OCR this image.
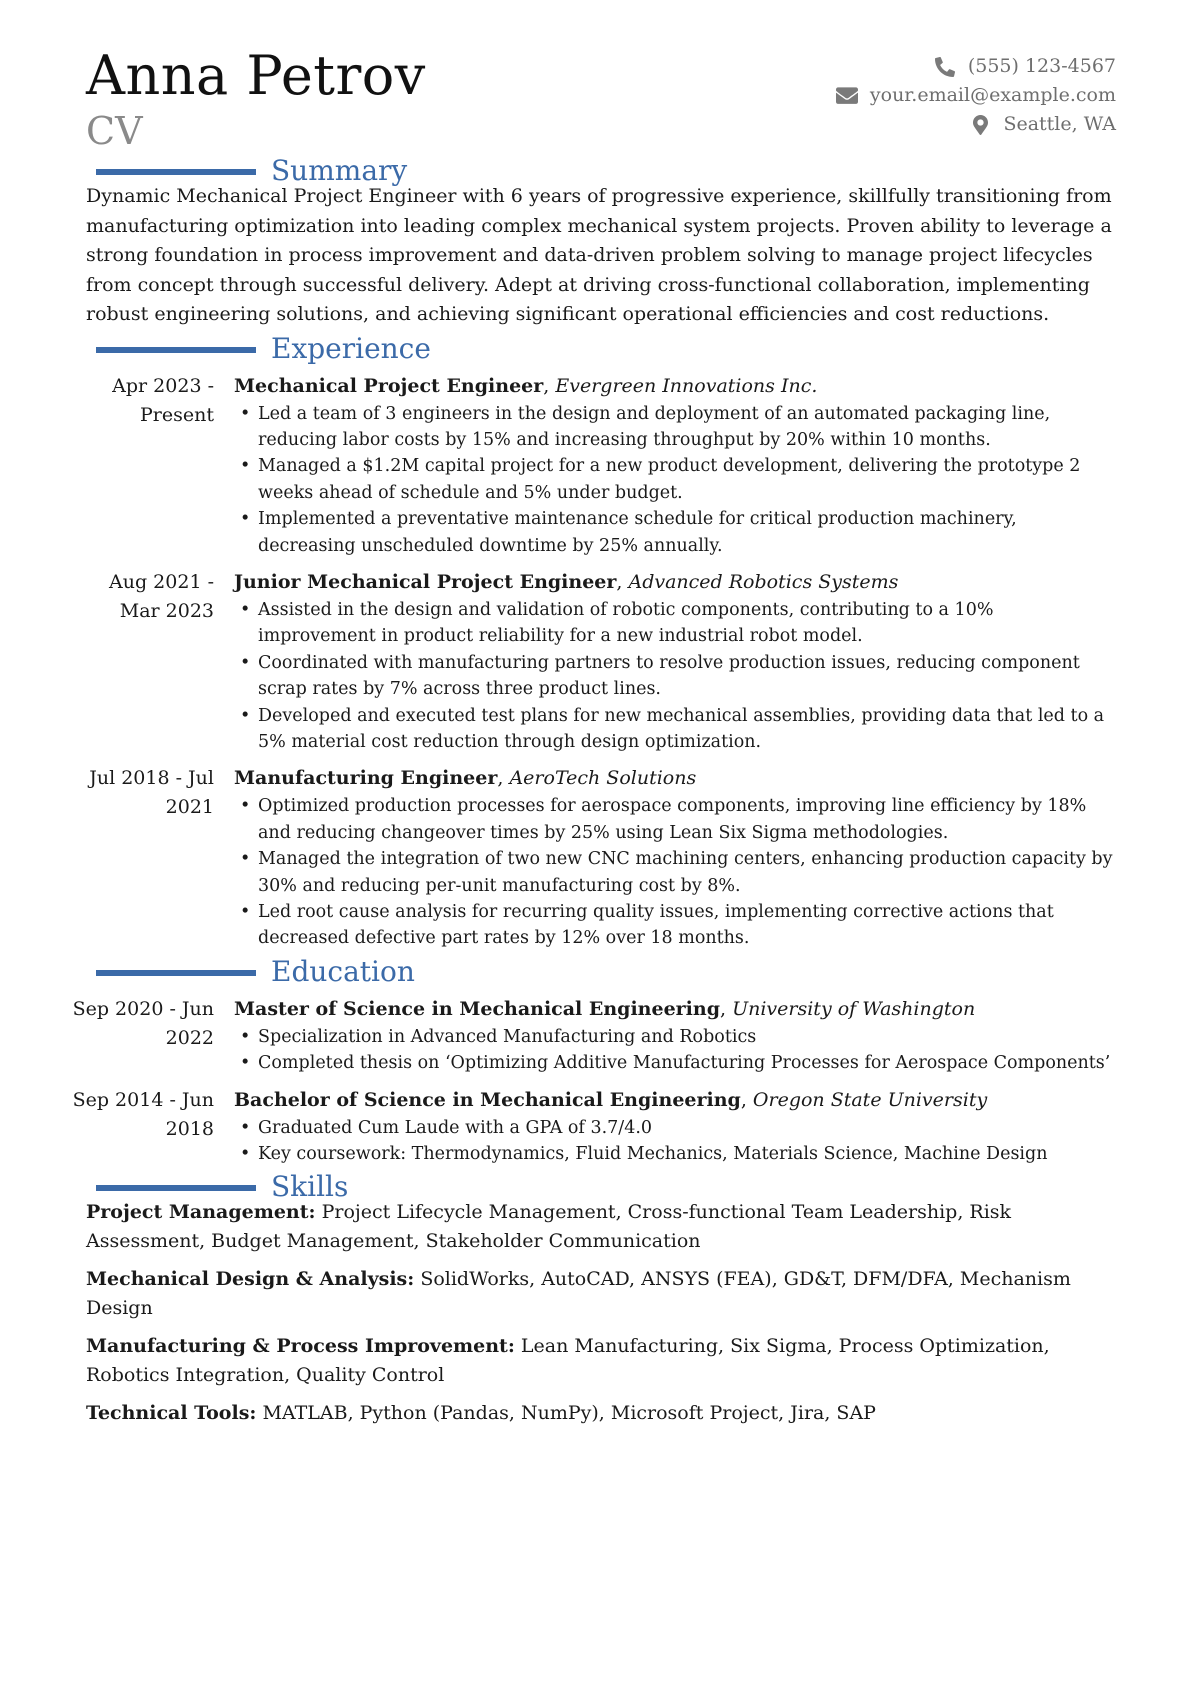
Anna Petrov
CV
(555) 123-4567
your.email@example.com
Seattle, WA
Summary

Dynamic Mechanical Project Engineer with 6 years of progressive experience, skillfully transitioning from manufacturing optimization into leading complex mechanical system projects. Proven ability to leverage a strong foundation in process improvement and data-driven problem solving to manage project lifecycles from concept through successful delivery. Adept at driving cross-functional collaboration, implementing robust engineering solutions, and achieving significant operational efficiencies and cost reductions.

Experience
Apr 2023 - Present
Mechanical Project Engineer, Evergreen Innovations Inc.
• Led a team of 3 engineers in the design and deployment of an automated packaging line, reducing labor costs by 15% and increasing throughput by 20% within 10 months.
• Managed a $1.2M capital project for a new product development, delivering the prototype 2 weeks ahead of schedule and 5% under budget.
• Implemented a preventative maintenance schedule for critical production machinery, decreasing unscheduled downtime by 25% annually.
Aug 2021 - Mar 2023
Junior Mechanical Project Engineer, Advanced Robotics Systems
• Assisted in the design and validation of robotic components, contributing to a 10% improvement in product reliability for a new industrial robot model.
• Coordinated with manufacturing partners to resolve production issues, reducing component scrap rates by 7% across three product lines.
• Developed and executed test plans for new mechanical assemblies, providing data that led to a 5% material cost reduction through design optimization.
Jul 2018 - Jul 2021
Manufacturing Engineer, AeroTech Solutions
• Optimized production processes for aerospace components, improving line efficiency by 18% and reducing changeover times by 25% using Lean Six Sigma methodologies.
• Managed the integration of two new CNC machining centers, enhancing production capacity by 30% and reducing per-unit manufacturing cost by 8%.
• Led root cause analysis for recurring quality issues, implementing corrective actions that decreased defective part rates by 12% over 18 months.
Education
Sep 2020 - Jun 2022
Master of Science in Mechanical Engineering, University of Washington
• Specialization in Advanced Manufacturing and Robotics
• Completed thesis on ‘Optimizing Additive Manufacturing Processes for Aerospace Components’
Sep 2014 - Jun 2018
Bachelor of Science in Mechanical Engineering, Oregon State University
• Graduated Cum Laude with a GPA of 3.7/4.0
• Key coursework: Thermodynamics, Fluid Mechanics, Materials Science, Machine Design
Skills
Project Management: Project Lifecycle Management, Cross-functional Team Leadership, Risk Assessment, Budget Management, Stakeholder Communication
Mechanical Design & Analysis: SolidWorks, AutoCAD, ANSYS (FEA), GD&T, DFM/DFA, Mechanism Design
Manufacturing & Process Improvement: Lean Manufacturing, Six Sigma, Process Optimization, Robotics Integration, Quality Control
Technical Tools: MATLAB, Python (Pandas, NumPy), Microsoft Project, Jira, SAP
